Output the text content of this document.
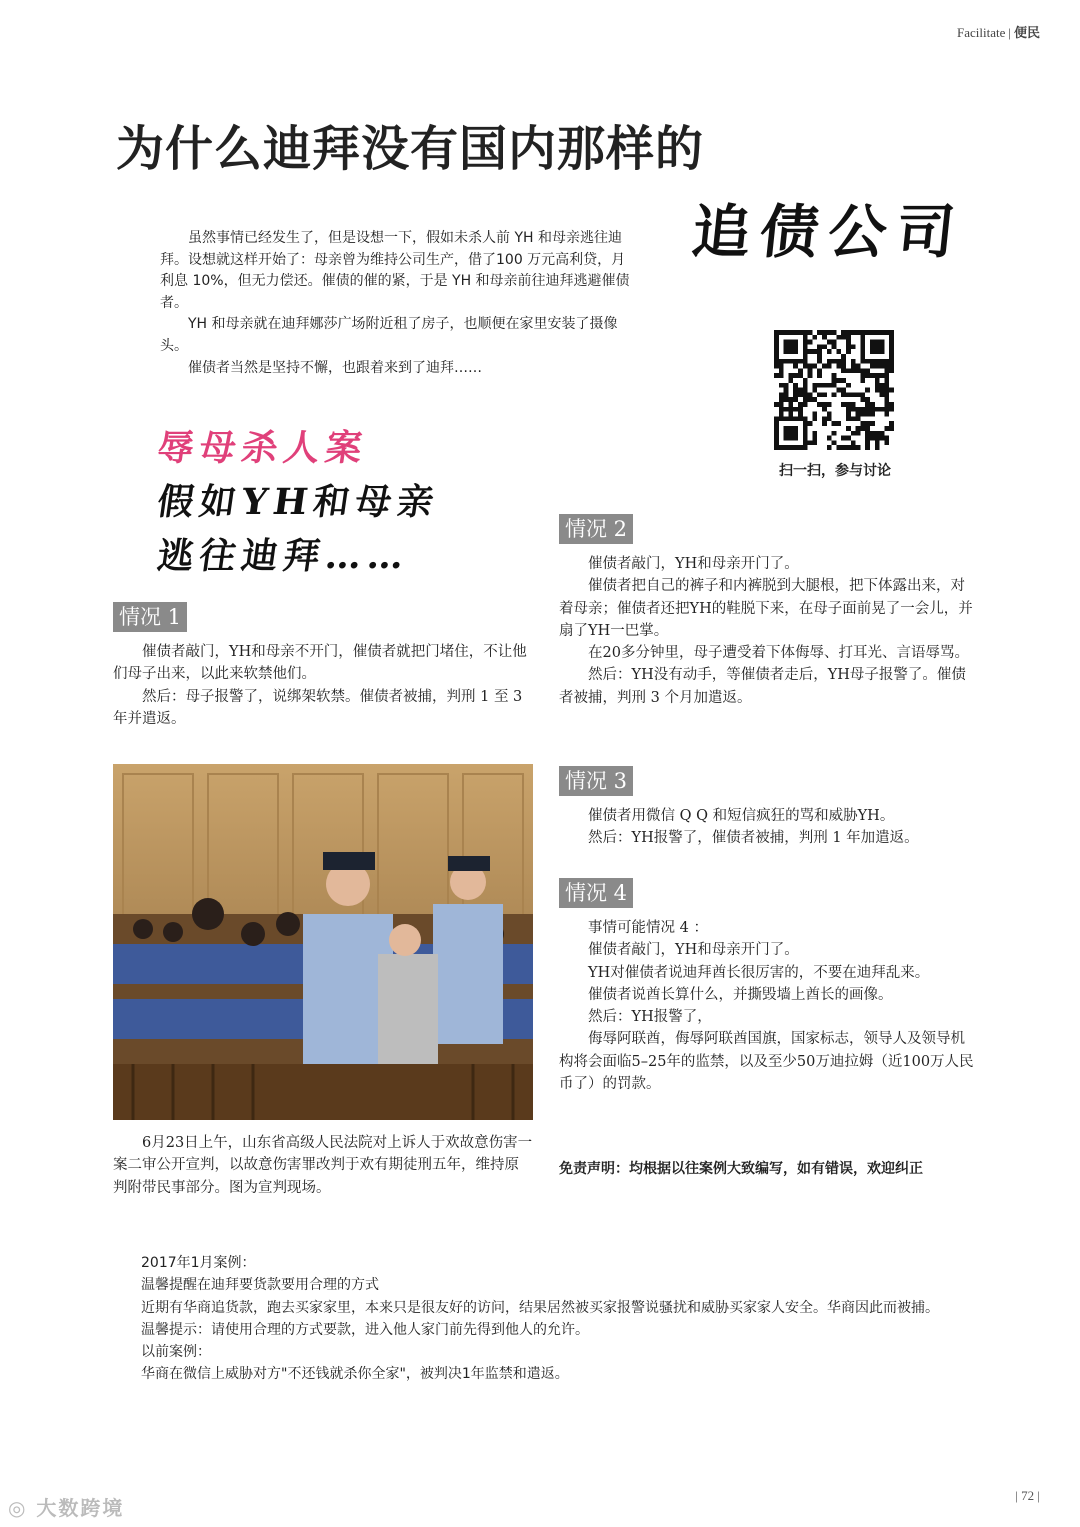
Facilitate | 便民
为什么迪拜没有国内那样的
追债公司

虽然事情已经发生了，但是设想一下，假如未杀人前 YH 和母亲逃往迪拜。设想就这样开始了：母亲曾为维持公司生产，借了100 万元高利贷，月利息 10%，但无力偿还。催债的催的紧，于是 YH 和母亲前往迪拜逃避催债者。

YH 和母亲就在迪拜娜莎广场附近租了房子，也顺便在家里安装了摄像头。

催债者当然是坚持不懈，也跟着来到了迪拜……

扫一扫，参与讨论
辱母杀人案
假如YH和母亲
逃往迪拜……
情况 1

催债者敲门，YH和母亲不开门，催债者就把门堵住，不让他们母子出来，以此来软禁他们。

然后：母子报警了，说绑架软禁。催债者被捕，判刑 1 至 3 年并遣返。

6月23日上午，山东省高级人民法院对上诉人于欢故意伤害一案二审公开宣判，以故意伤害罪改判于欢有期徒刑五年，维持原判附带民事部分。图为宣判现场。
情况 2

催债者敲门，YH和母亲开门了。

催债者把自己的裤子和内裤脱到大腿根，把下体露出来，对着母亲；催债者还把YH的鞋脱下来，在母子面前晃了一会儿，并扇了YH一巴掌。

在20多分钟里，母子遭受着下体侮辱、打耳光、言语辱骂。

然后：YH没有动手，等催债者走后，YH母子报警了。催债者被捕，判刑 3 个月加遣返。

情况 3

催债者用微信 Q Q 和短信疯狂的骂和威胁YH。

然后：YH报警了，催债者被捕，判刑 1 年加遣返。

情况 4

事情可能情况 4 ：

催债者敲门，YH和母亲开门了。

YH对催债者说迪拜酋长很厉害的，不要在迪拜乱来。

催债者说酋长算什么，并撕毁墙上酋长的画像。

然后：YH报警了，

侮辱阿联酋，侮辱阿联酋国旗，国家标志，领导人及领导机构将会面临5–25年的监禁，以及至少50万迪拉姆（近100万人民币了）的罚款。

免责声明：均根据以往案例大致编写，如有错误，欢迎纠正

2017年1月案例：

温馨提醒在迪拜要货款要用合理的方式

近期有华商追货款，跑去买家家里，本来只是很友好的访问，结果居然被买家报警说骚扰和威胁买家家人安全。华商因此而被捕。

温馨提示：请使用合理的方式要款，进入他人家门前先得到他人的允许。

以前案例：

华商在微信上威胁对方"不还钱就杀你全家"，被判决1年监禁和遣返。

| 72 |
◎ 大数跨境
